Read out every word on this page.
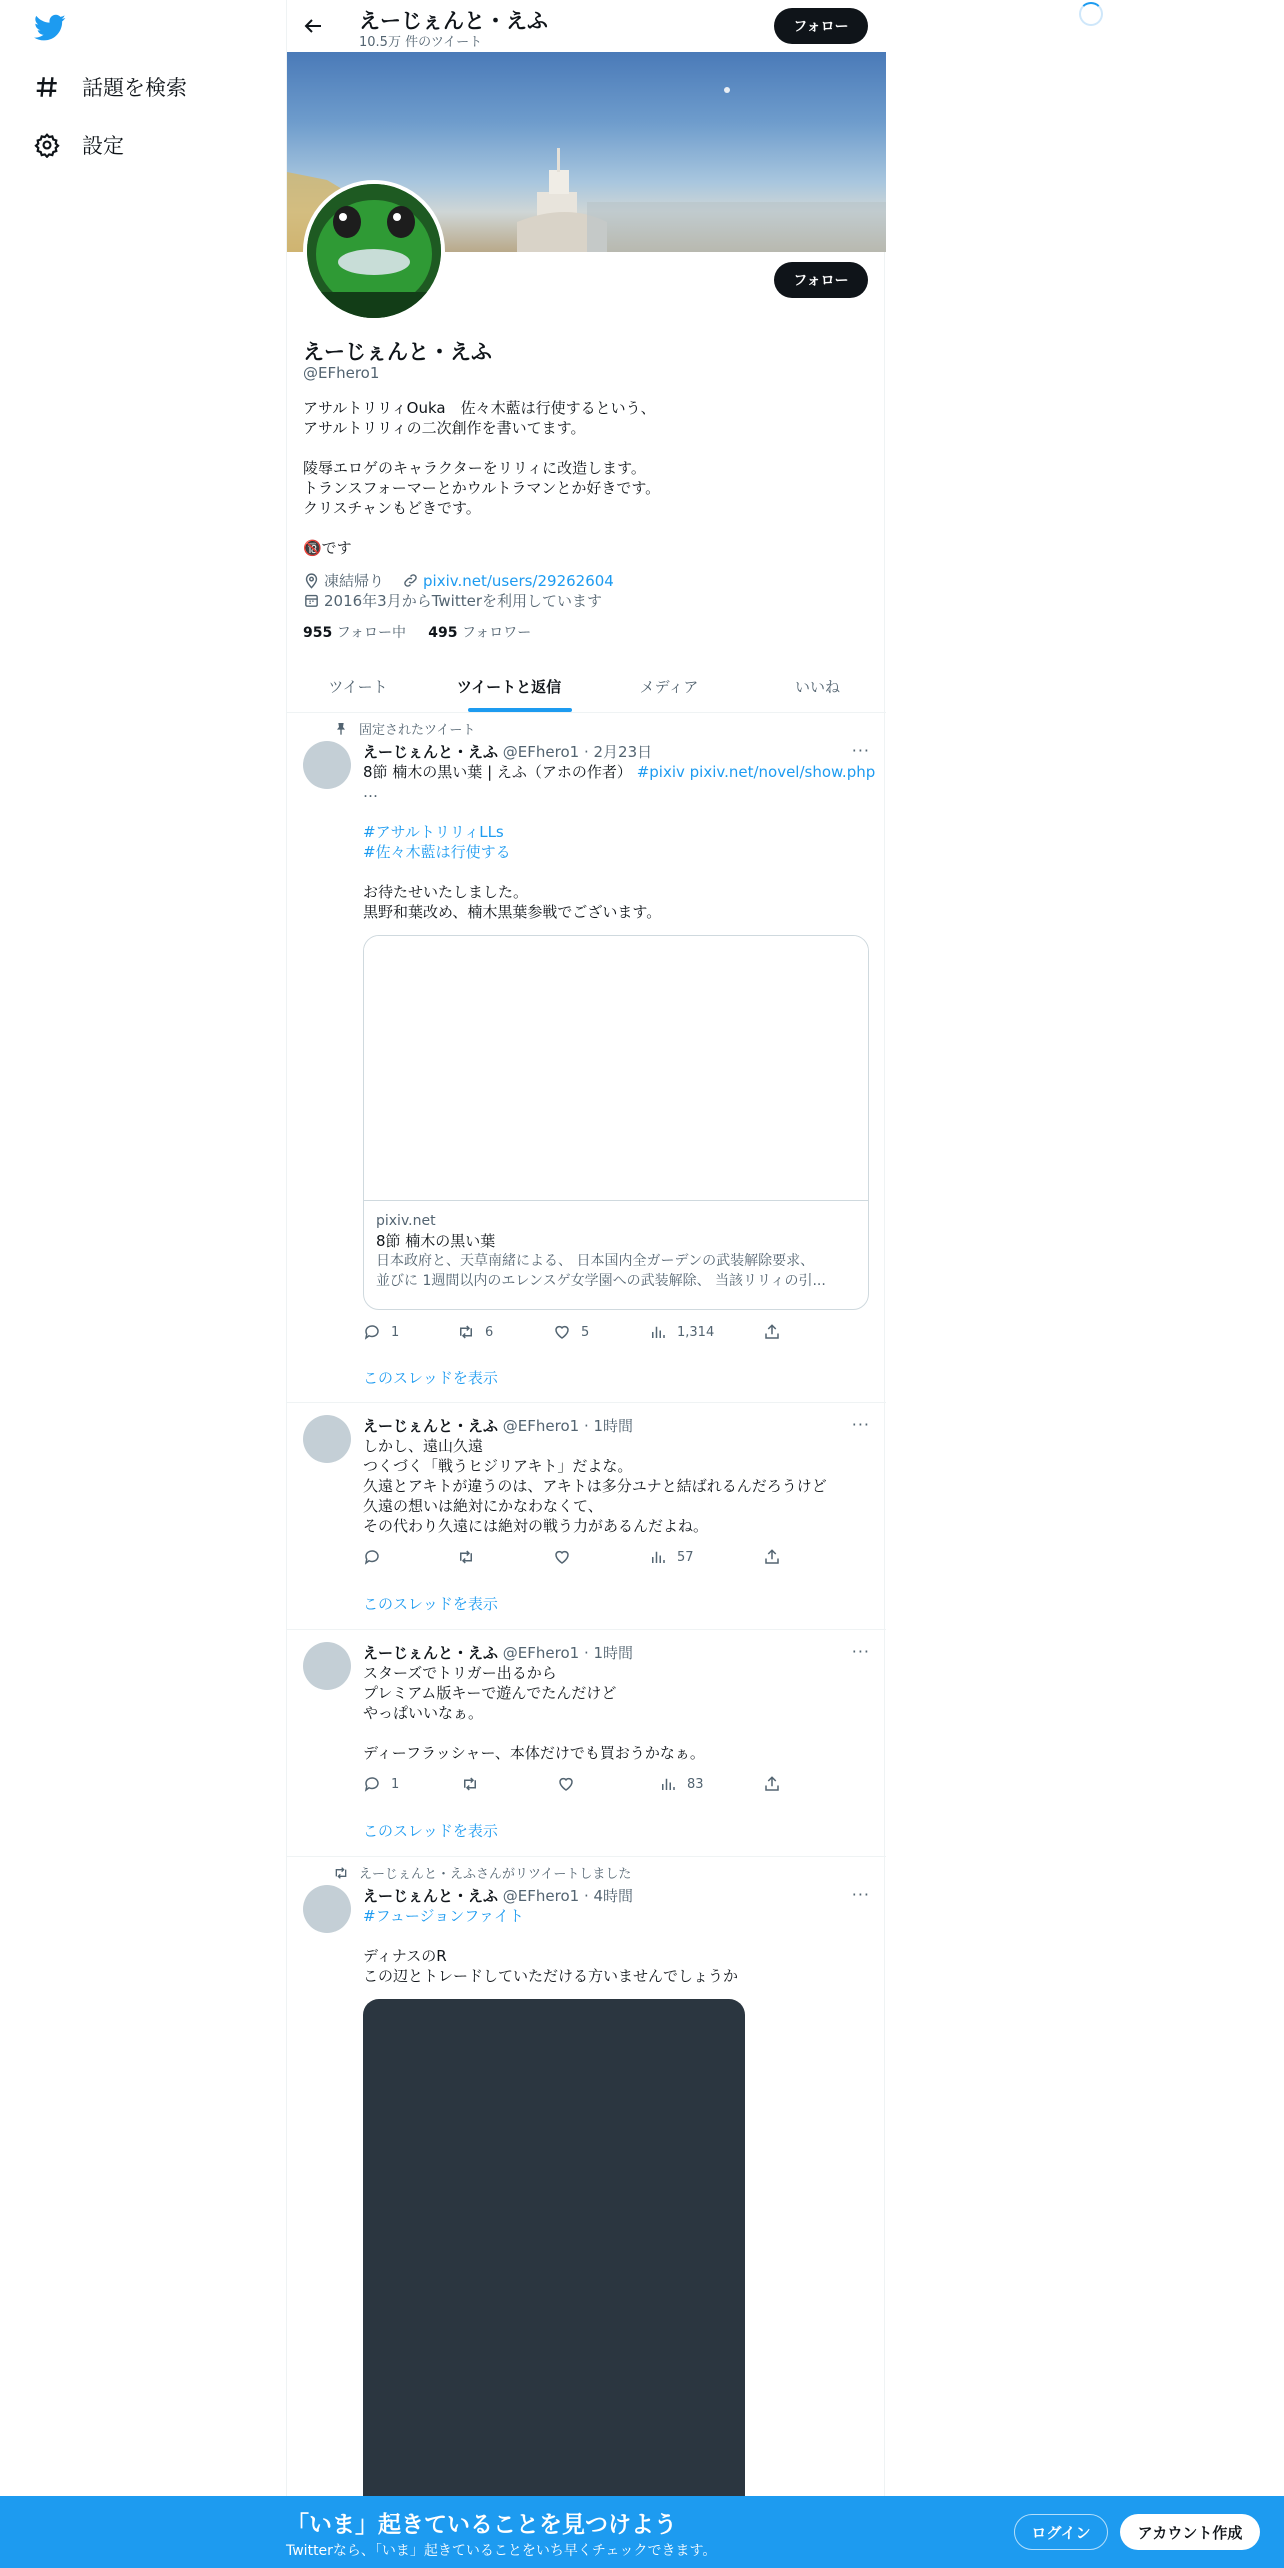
話題を検索
設定
えーじぇんと・えふ
10.5万 件のツイート
フォロー
フォロー
えーじぇんと・えふ
@EFhero1
アサルトリリィOuka　佐々木藍は行使するという、
アサルトリリィの二次創作を書いてます。
陵辱エロゲのキャラクターをリリィに改造します。
トランスフォーマーとかウルトラマンとか好きです。
クリスチャンもどきです。
🔞です
凍結帰り	pixiv.net/users/29262604
2016年3月からTwitterを利用しています
955 フォロー中 495 フォロワー
ツイート	ツイートと返信	メディア	いいね
固定されたツイート
えーじぇんと・えふ @EFhero1 · 2月23日	···
8節 楠木の黒い葉 | えふ（アホの作者） #pixiv pixiv.net/novel/show.php
…
#アサルトリリィLLs
#佐々木藍は行使する
お待たせいたしました。
黒野和葉改め、楠木黒葉参戦でございます。
pixiv.net
8節 楠木の黒い葉
日本政府と、天草南緒による、 日本国内全ガーデンの武装解除要求、
並びに 1週間以内のエレンスゲ女学園への武装解除、 当該リリィの引...
1	6	5	1,314
このスレッドを表示
えーじぇんと・えふ @EFhero1 · 1時間	···
しかし、遠山久遠
つくづく「戦うヒジリアキト」だよな。
久遠とアキトが違うのは、アキトは多分ユナと結ばれるんだろうけど
久遠の想いは絶対にかなわなくて、
その代わり久遠には絶対の戦う力があるんだよね。
57
このスレッドを表示
えーじぇんと・えふ @EFhero1 · 1時間	···
スターズでトリガー出るから
プレミアム版キーで遊んでたんだけど
やっぱいいなぁ。
ディーフラッシャー、本体だけでも買おうかなぁ。
1	83
このスレッドを表示
えーじぇんと・えふさんがリツイートしました
えーじぇんと・えふ @EFhero1 · 4時間	···
#フュージョンファイト
ディナスのR
この辺とトレードしていただける方いませんでしょうか
「いま」起きていることを見つけよう
Twitterなら、「いま」起きていることをいち早くチェックできます。
ログイン	アカウント作成
